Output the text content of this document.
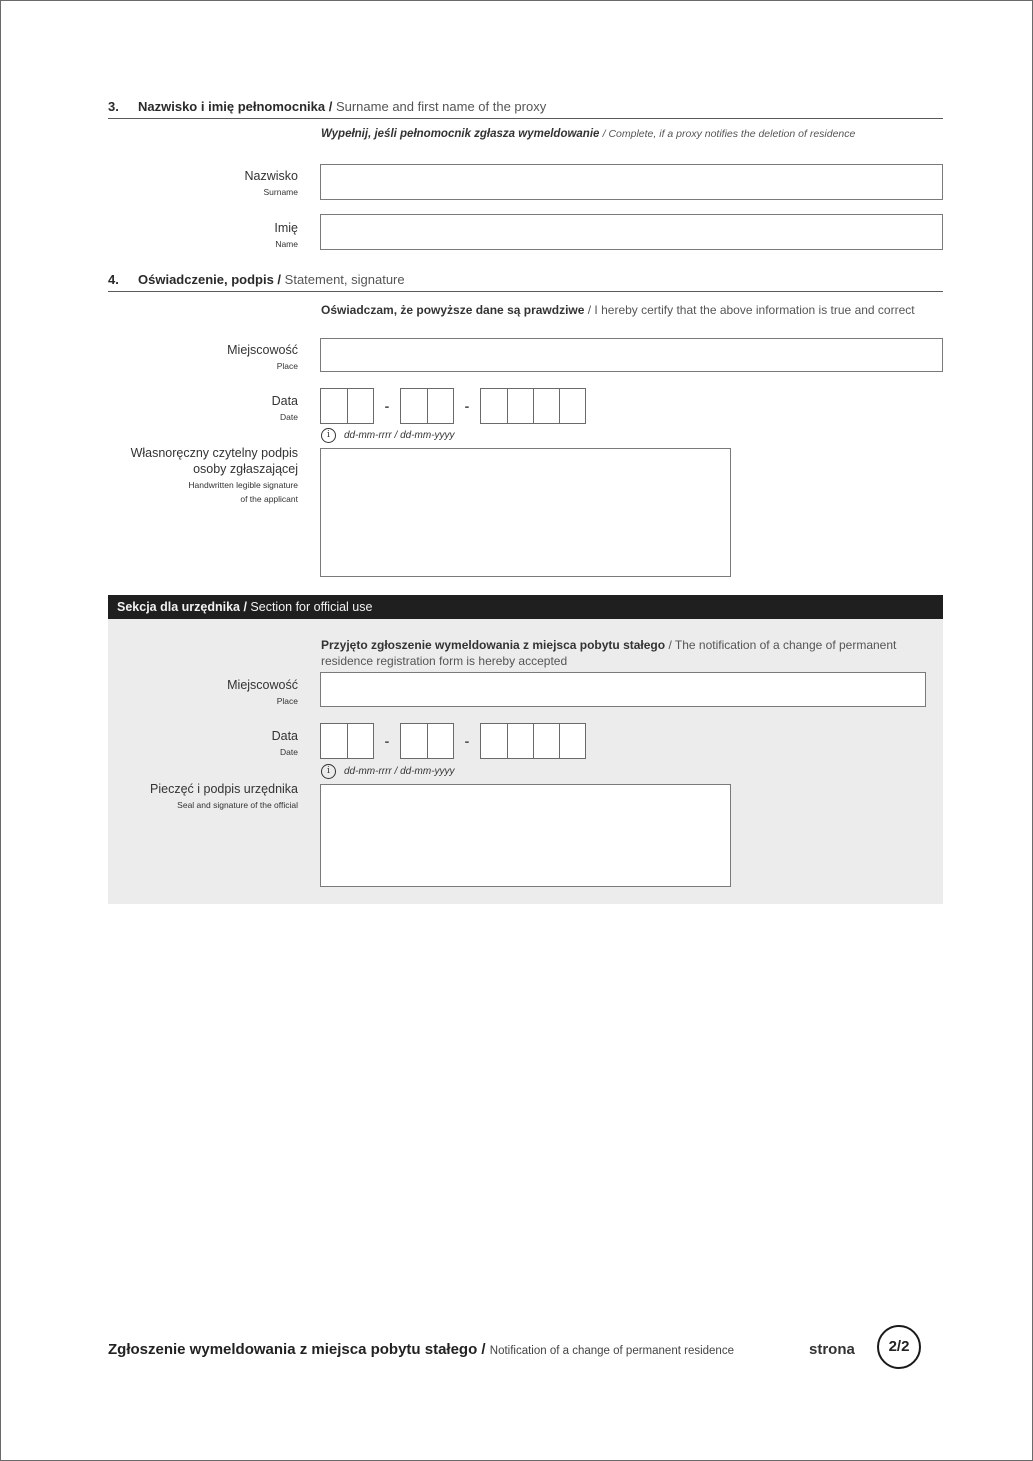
3. Nazwisko i imię pełnomocnika / Surname and first name of the proxy
Wypełnij, jeśli pełnomocnik zgłasza wymeldowanie / Complete, if a proxy notifies the deletion of residence
Nazwisko
Surname
Imię
Name
4. Oświadczenie, podpis / Statement, signature
Oświadczam, że powyższe dane są prawdziwe / I hereby certify that the above information is true and correct
Miejscowość
Place
Data
Date
-	-
i	dd-mm-rrrr / dd-mm-yyyy
Własnoręczny czytelny podpis
osoby zgłaszającej
Handwritten legible signature
of the applicant
Sekcja dla urzędnika / Section for official use
Przyjęto zgłoszenie wymeldowania z miejsca pobytu stałego / The notification of a change of permanent residence registration form is hereby accepted
Miejscowość
Place
Data
Date
-	-
i	dd-mm-rrrr / dd-mm-yyyy
Pieczęć i podpis urzędnika
Seal and signature of the official
Zgłoszenie wymeldowania z miejsca pobytu stałego / Notification of a change of permanent residence	strona	2/2
